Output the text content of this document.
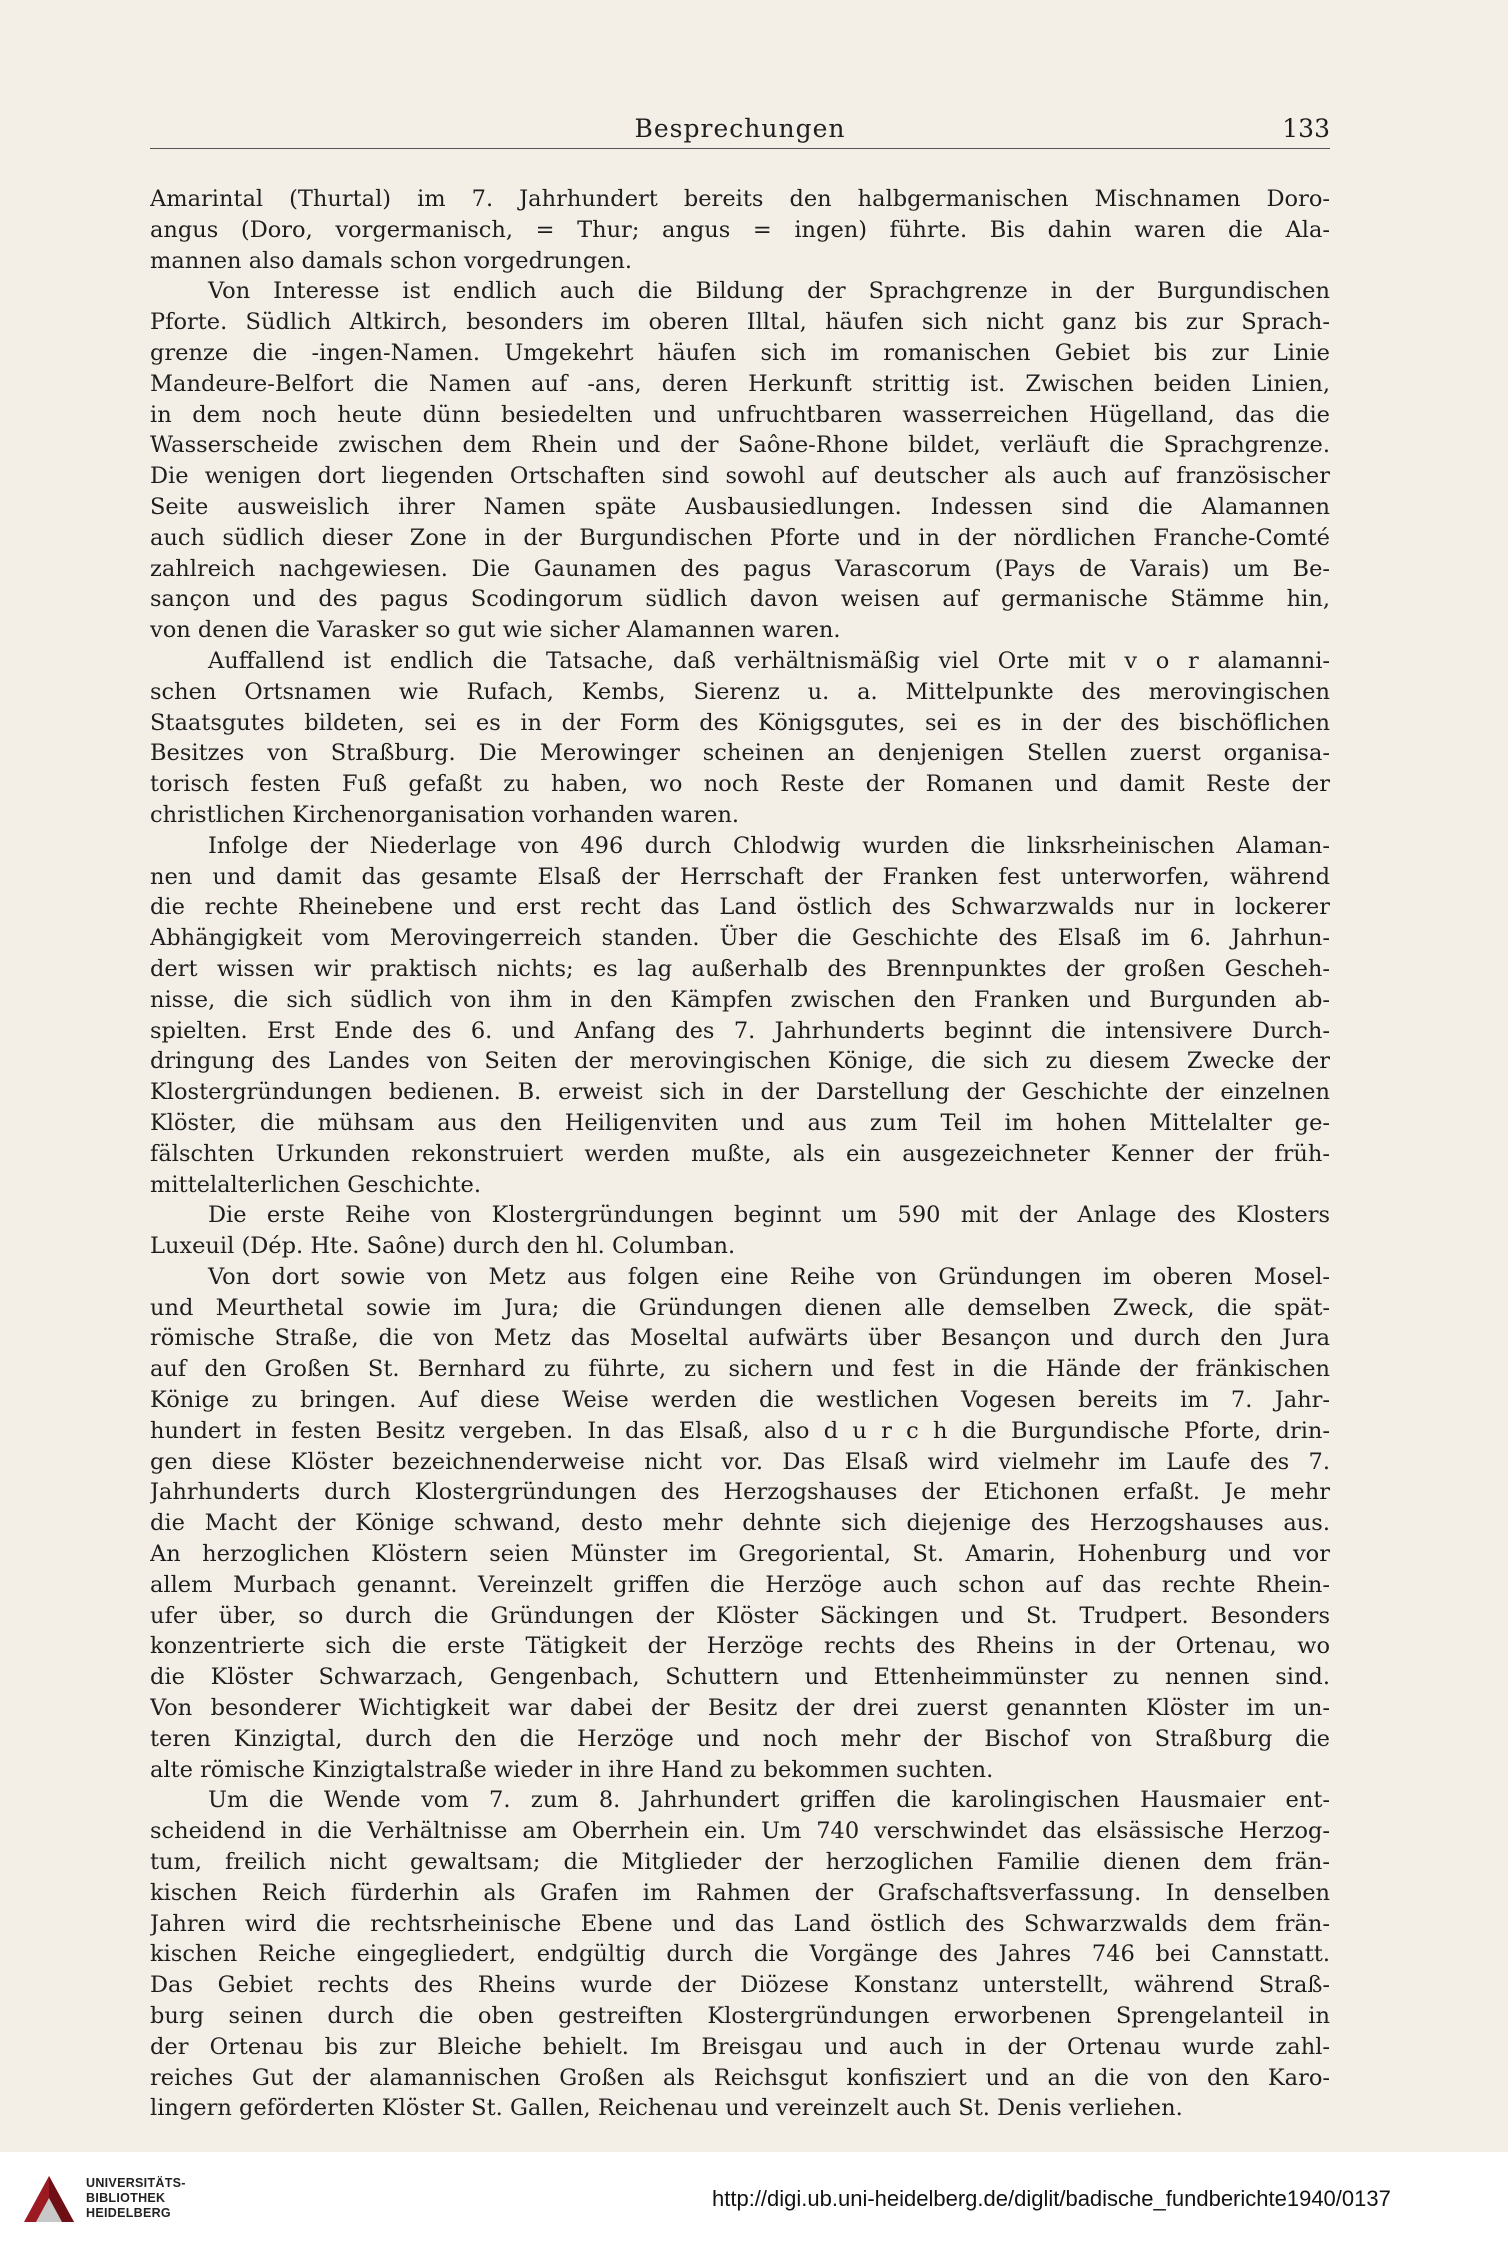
Besprechungen	133
Amarintal (Thurtal) im 7. Jahrhundert bereits den halbgermanischen Mischnamen Doro-
angus (Doro, vorgermanisch, = Thur; angus = ingen) führte. Bis dahin waren die Ala-
mannen also damals schon vorgedrungen.
Von Interesse ist endlich auch die Bildung der Sprachgrenze in der Burgundischen
Pforte. Südlich Altkirch, besonders im oberen Illtal, häufen sich nicht ganz bis zur Sprach-
grenze die -ingen-Namen. Umgekehrt häufen sich im romanischen Gebiet bis zur Linie
Mandeure-Belfort die Namen auf -ans, deren Herkunft strittig ist. Zwischen beiden Linien,
in dem noch heute dünn besiedelten und unfruchtbaren wasserreichen Hügelland, das die
Wasserscheide zwischen dem Rhein und der Saône-Rhone bildet, verläuft die Sprachgrenze.
Die wenigen dort liegenden Ortschaften sind sowohl auf deutscher als auch auf französischer
Seite ausweislich ihrer Namen späte Ausbausiedlungen. Indessen sind die Alamannen
auch südlich dieser Zone in der Burgundischen Pforte und in der nördlichen Franche-Comté
zahlreich nachgewiesen. Die Gaunamen des pagus Varascorum (Pays de Varais) um Be-
sançon und des pagus Scodingorum südlich davon weisen auf germanische Stämme hin,
von denen die Varasker so gut wie sicher Alamannen waren.
Auffallend ist endlich die Tatsache, daß verhältnismäßig viel Orte mit v o r alamanni-
schen Ortsnamen wie Rufach, Kembs, Sierenz u. a. Mittelpunkte des merovingischen
Staatsgutes bildeten, sei es in der Form des Königsgutes, sei es in der des bischöflichen
Besitzes von Straßburg. Die Merowinger scheinen an denjenigen Stellen zuerst organisa-
torisch festen Fuß gefaßt zu haben, wo noch Reste der Romanen und damit Reste der
christlichen Kirchenorganisation vorhanden waren.
Infolge der Niederlage von 496 durch Chlodwig wurden die linksrheinischen Alaman-
nen und damit das gesamte Elsaß der Herrschaft der Franken fest unterworfen, während
die rechte Rheinebene und erst recht das Land östlich des Schwarzwalds nur in lockerer
Abhängigkeit vom Merovingerreich standen. Über die Geschichte des Elsaß im 6. Jahrhun-
dert wissen wir praktisch nichts; es lag außerhalb des Brennpunktes der großen Gescheh-
nisse, die sich südlich von ihm in den Kämpfen zwischen den Franken und Burgunden ab-
spielten. Erst Ende des 6. und Anfang des 7. Jahrhunderts beginnt die intensivere Durch-
dringung des Landes von Seiten der merovingischen Könige, die sich zu diesem Zwecke der
Klostergründungen bedienen. B. erweist sich in der Darstellung der Geschichte der einzelnen
Klöster, die mühsam aus den Heiligenviten und aus zum Teil im hohen Mittelalter ge-
fälschten Urkunden rekonstruiert werden mußte, als ein ausgezeichneter Kenner der früh-
mittelalterlichen Geschichte.
Die erste Reihe von Klostergründungen beginnt um 590 mit der Anlage des Klosters
Luxeuil (Dép. Hte. Saône) durch den hl. Columban.
Von dort sowie von Metz aus folgen eine Reihe von Gründungen im oberen Mosel-
und Meurthetal sowie im Jura; die Gründungen dienen alle demselben Zweck, die spät-
römische Straße, die von Metz das Moseltal aufwärts über Besançon und durch den Jura
auf den Großen St. Bernhard zu führte, zu sichern und fest in die Hände der fränkischen
Könige zu bringen. Auf diese Weise werden die westlichen Vogesen bereits im 7. Jahr-
hundert in festen Besitz vergeben. In das Elsaß, also d u r c h die Burgundische Pforte, drin-
gen diese Klöster bezeichnenderweise nicht vor. Das Elsaß wird vielmehr im Laufe des 7.
Jahrhunderts durch Klostergründungen des Herzogshauses der Etichonen erfaßt. Je mehr
die Macht der Könige schwand, desto mehr dehnte sich diejenige des Herzogshauses aus.
An herzoglichen Klöstern seien Münster im Gregoriental, St. Amarin, Hohenburg und vor
allem Murbach genannt. Vereinzelt griffen die Herzöge auch schon auf das rechte Rhein-
ufer über, so durch die Gründungen der Klöster Säckingen und St. Trudpert. Besonders
konzentrierte sich die erste Tätigkeit der Herzöge rechts des Rheins in der Ortenau, wo
die Klöster Schwarzach, Gengenbach, Schuttern und Ettenheimmünster zu nennen sind.
Von besonderer Wichtigkeit war dabei der Besitz der drei zuerst genannten Klöster im un-
teren Kinzigtal, durch den die Herzöge und noch mehr der Bischof von Straßburg die
alte römische Kinzigtalstraße wieder in ihre Hand zu bekommen suchten.
Um die Wende vom 7. zum 8. Jahrhundert griffen die karolingischen Hausmaier ent-
scheidend in die Verhältnisse am Oberrhein ein. Um 740 verschwindet das elsässische Herzog-
tum, freilich nicht gewaltsam; die Mitglieder der herzoglichen Familie dienen dem frän-
kischen Reich fürderhin als Grafen im Rahmen der Grafschaftsverfassung. In denselben
Jahren wird die rechtsrheinische Ebene und das Land östlich des Schwarzwalds dem frän-
kischen Reiche eingegliedert, endgültig durch die Vorgänge des Jahres 746 bei Cannstatt.
Das Gebiet rechts des Rheins wurde der Diözese Konstanz unterstellt, während Straß-
burg seinen durch die oben gestreiften Klostergründungen erworbenen Sprengelanteil in
der Ortenau bis zur Bleiche behielt. Im Breisgau und auch in der Ortenau wurde zahl-
reiches Gut der alamannischen Großen als Reichsgut konfisziert und an die von den Karo-
lingern geförderten Klöster St. Gallen, Reichenau und vereinzelt auch St. Denis verliehen.
UNIVERSITÄTS-
BIBLIOTHEK
HEIDELBERG
http://digi.ub.uni-heidelberg.de/diglit/badische_fundberichte1940/0137
